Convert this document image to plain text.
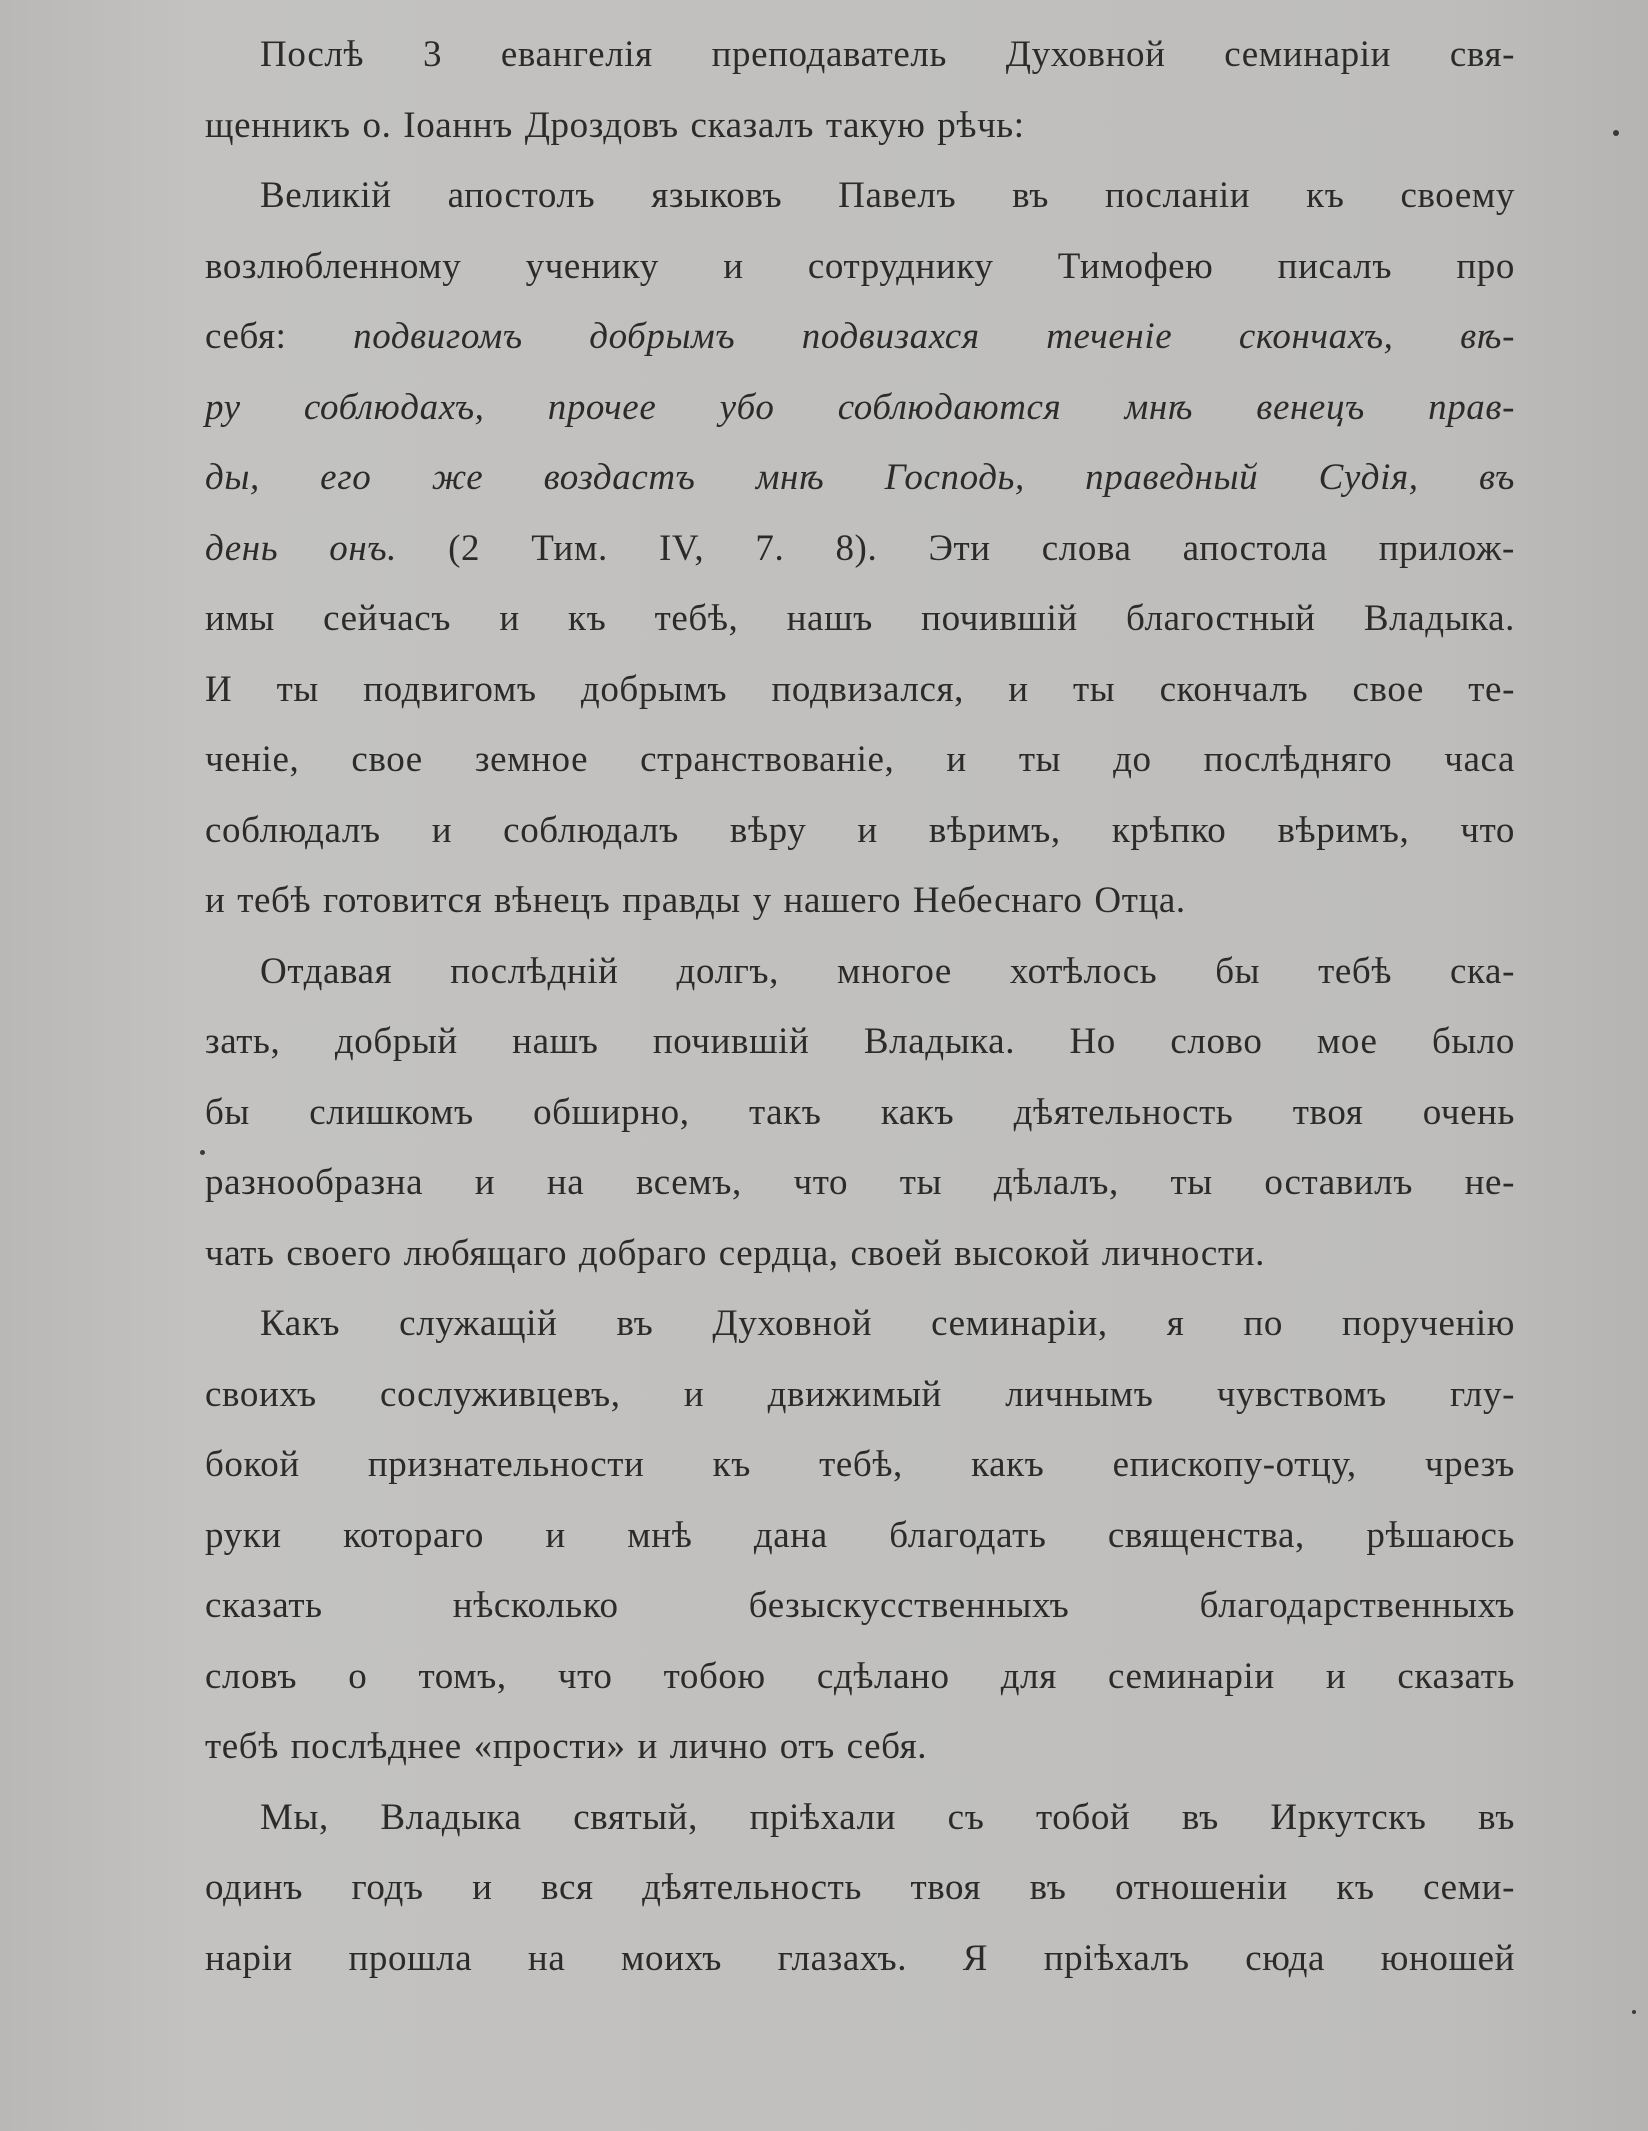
Послѣ 3 евангелія преподаватель Духовной семинаріи свя-
щенникъ о. Іоаннъ Дроздовъ сказалъ такую рѣчь:
Великій апостолъ языковъ Павелъ въ посланіи къ своему
возлюбленному ученику и сотруднику Тимофею писалъ про
себя: подвигомъ добрымъ подвизахся теченіе скончахъ, вѣ-
ру соблюдахъ, прочее убо соблюдаются мнѣ венецъ прав-
ды, его же воздастъ мнѣ Господь, праведный Судія, въ
день онъ. (2 Тим. IV, 7. 8). Эти слова апостола прилож-
имы сейчасъ и къ тебѣ, нашъ почившій благостный Владыка.
И ты подвигомъ добрымъ подвизался, и ты скончалъ свое те-
ченіе, свое земное странствованіе, и ты до послѣдняго часа
соблюдалъ и соблюдалъ вѣру и вѣримъ, крѣпко вѣримъ, что
и тебѣ готовится вѣнецъ правды у нашего Небеснаго Отца.
Отдавая послѣдній долгъ, многое хотѣлось бы тебѣ ска-
зать, добрый нашъ почившій Владыка. Но слово мое было
бы слишкомъ обширно, такъ какъ дѣятельность твоя очень
разнообразна и на всемъ, что ты дѣлалъ, ты оставилъ не-
чать своего любящаго добраго сердца, своей высокой личности.
Какъ служащій въ Духовной семинаріи, я по порученію
своихъ сослуживцевъ, и движимый личнымъ чувствомъ глу-
бокой признательности къ тебѣ, какъ епископу-отцу, чрезъ
руки котораго и мнѣ дана благодать священства, рѣшаюсь
сказать нѣсколько безыскусственныхъ благодарственныхъ
словъ о томъ, что тобою сдѣлано для семинаріи и сказать
тебѣ послѣднее «прости» и лично отъ себя.
Мы, Владыка святый, пріѣхали съ тобой въ Иркутскъ въ
одинъ годъ и вся дѣятельность твоя въ отношеніи къ семи-
наріи прошла на моихъ глазахъ. Я пріѣхалъ сюда юношей
